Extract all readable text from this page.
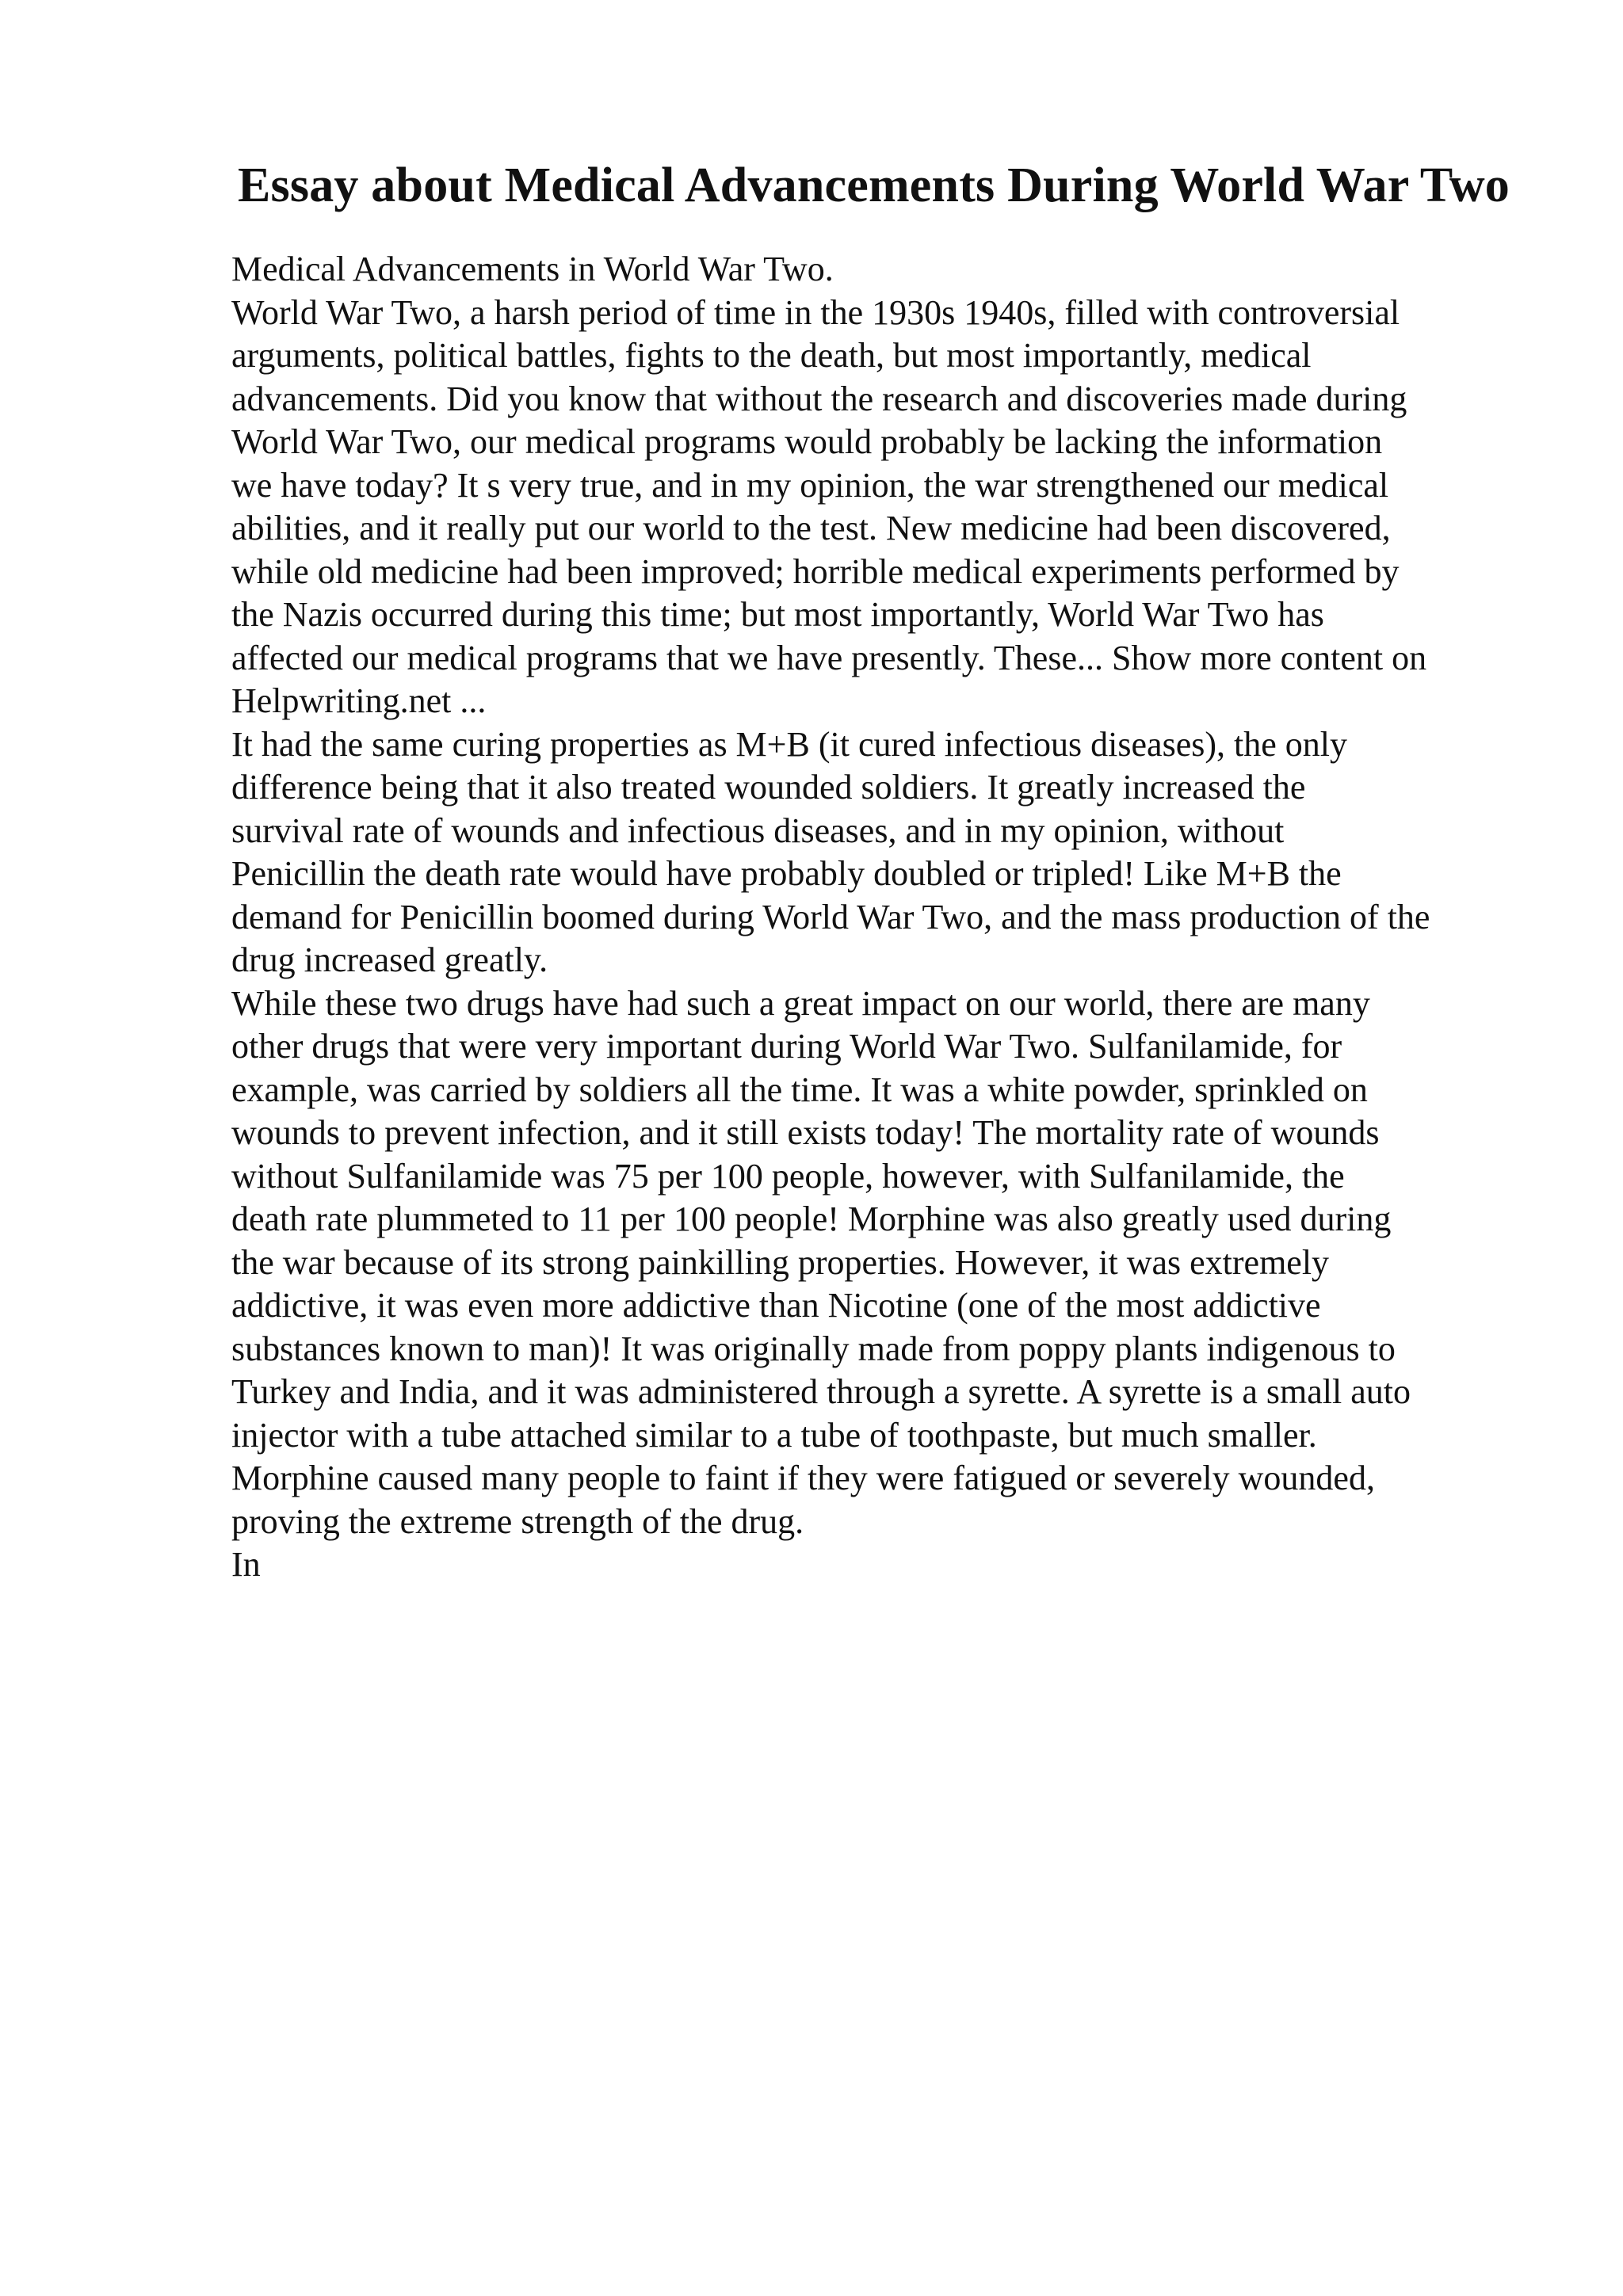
Essay about Medical Advancements During World War Two
Medical Advancements in World War Two.
World War Two, a harsh period of time in the 1930s 1940s, filled with controversial
arguments, political battles, fights to the death, but most importantly, medical
advancements. Did you know that without the research and discoveries made during
World War Two, our medical programs would probably be lacking the information
we have today? It s very true, and in my opinion, the war strengthened our medical
abilities, and it really put our world to the test. New medicine had been discovered,
while old medicine had been improved; horrible medical experiments performed by
the Nazis occurred during this time; but most importantly, World War Two has
affected our medical programs that we have presently. These... Show more content on
Helpwriting.net ...
It had the same curing properties as M+B (it cured infectious diseases), the only
difference being that it also treated wounded soldiers. It greatly increased the
survival rate of wounds and infectious diseases, and in my opinion, without
Penicillin the death rate would have probably doubled or tripled! Like M+B the
demand for Penicillin boomed during World War Two, and the mass production of the
drug increased greatly.
While these two drugs have had such a great impact on our world, there are many
other drugs that were very important during World War Two. Sulfanilamide, for
example, was carried by soldiers all the time. It was a white powder, sprinkled on
wounds to prevent infection, and it still exists today! The mortality rate of wounds
without Sulfanilamide was 75 per 100 people, however, with Sulfanilamide, the
death rate plummeted to 11 per 100 people! Morphine was also greatly used during
the war because of its strong painkilling properties. However, it was extremely
addictive, it was even more addictive than Nicotine (one of the most addictive
substances known to man)! It was originally made from poppy plants indigenous to
Turkey and India, and it was administered through a syrette. A syrette is a small auto
injector with a tube attached similar to a tube of toothpaste, but much smaller.
Morphine caused many people to faint if they were fatigued or severely wounded,
proving the extreme strength of the drug.
In
